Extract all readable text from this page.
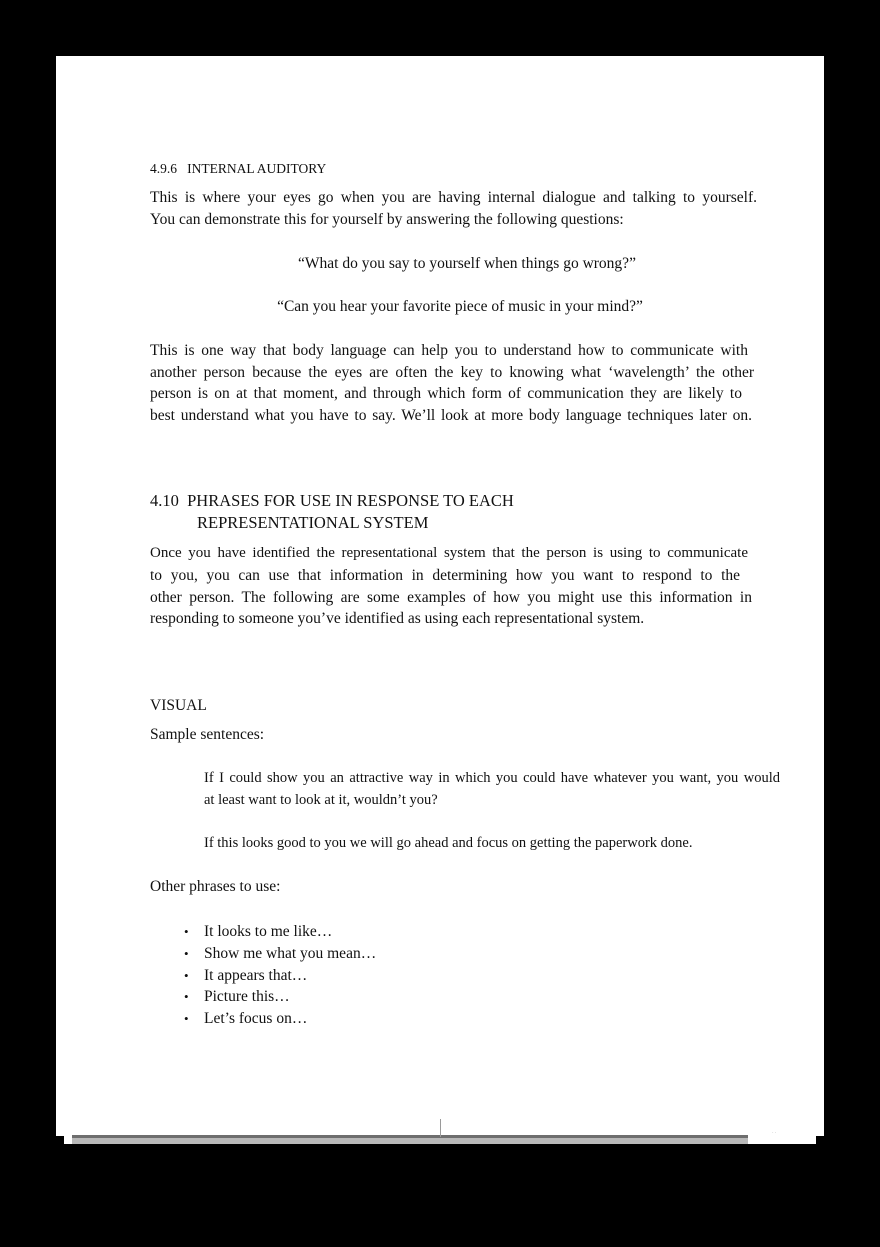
··
4.9.6 INTERNAL AUDITORY
This is where your eyes go when you are having internal dialogue and talking to yourself.
You can demonstrate this for yourself by answering the following questions:
“What do you say to yourself when things go wrong?”
“Can you hear your favorite piece of music in your mind?”
This is one way that body language can help you to understand how to communicate with
another person because the eyes are often the key to knowing what ‘wavelength’ the other
person is on at that moment, and through which form of communication they are likely to
best understand what you have to say. We’ll look at more body language techniques later on.
4.10 PHRASES FOR USE IN RESPONSE TO EACH
REPRESENTATIONAL SYSTEM
Once you have identified the representational system that the person is using to communicate
to you, you can use that information in determining how you want to respond to the
other person. The following are some examples of how you might use this information in
responding to someone you’ve identified as using each representational system.
VISUAL
Sample sentences:
If I could show you an attractive way in which you could have whatever you want, you would
at least want to look at it, wouldn’t you?
If this looks good to you we will go ahead and focus on getting the paperwork done.
Other phrases to use:
• It looks to me like…
• Show me what you mean…
• It appears that…
• Picture this…
• Let’s focus on…
